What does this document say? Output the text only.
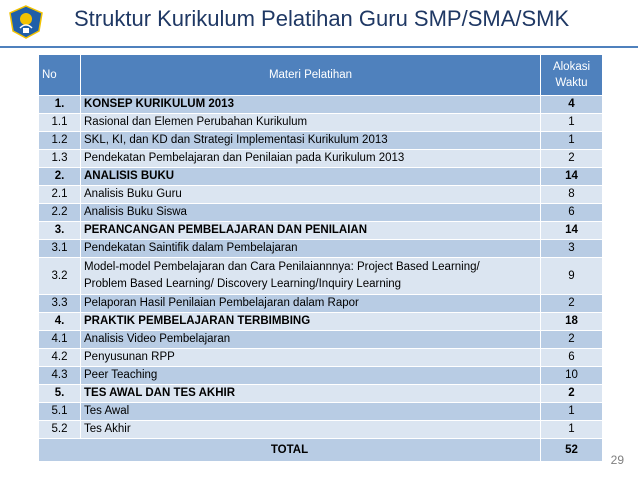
Struktur Kurikulum Pelatihan Guru SMP/SMA/SMK
No	Materi Pelatihan	Alokasi
Waktu
1.	KONSEP KURIKULUM 2013	4
1.1	Rasional dan Elemen Perubahan Kurikulum	1
1.2	SKL, KI, dan KD dan Strategi Implementasi Kurikulum 2013	1
1.3	Pendekatan Pembelajaran dan Penilaian pada Kurikulum 2013	2
2.	ANALISIS BUKU	14
2.1	Analisis Buku Guru	8
2.2	Analisis Buku Siswa	6
3.	PERANCANGAN PEMBELAJARAN DAN PENILAIAN	14
3.1	Pendekatan Saintifik dalam Pembelajaran	3
3.2	Model-model Pembelajaran dan Cara Penilaiannnya: Project Based Learning/
Problem Based Learning/ Discovery Learning/Inquiry Learning	9
3.3	Pelaporan Hasil Penilaian Pembelajaran dalam Rapor	2
4.	PRAKTIK PEMBELAJARAN TERBIMBING	18
4.1	Analisis Video Pembelajaran	2
4.2	Penyusunan RPP	6
4.3	Peer Teaching	10
5.	TES AWAL DAN TES AKHIR	2
5.1	Tes Awal	1
5.2	Tes Akhir	1
TOTAL		52
29
